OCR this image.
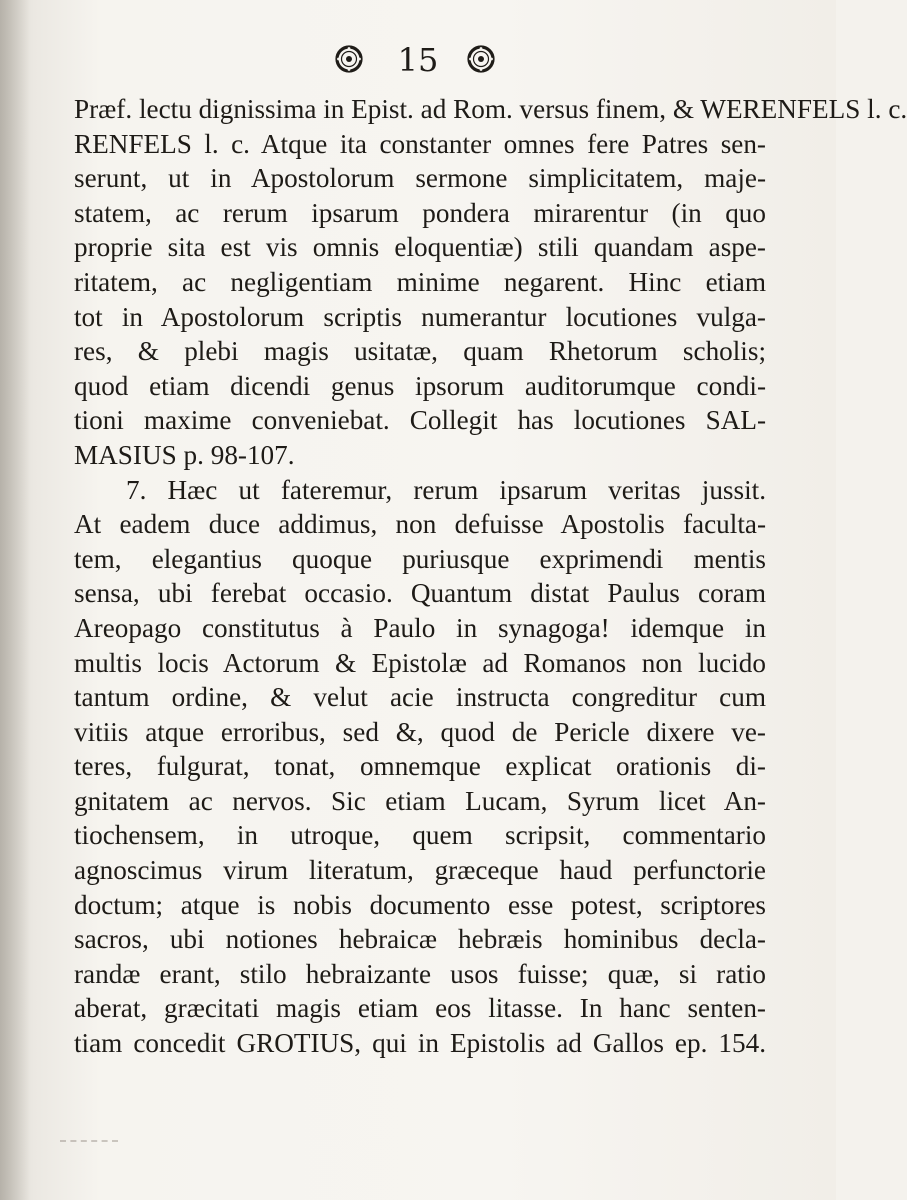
15
Præf. lectu dignissima in Epist. ad Rom. versus finem, & WERENFELS l. c.
RENFELS l. c. Atque ita constanter omnes fere Patres sen-
serunt, ut in Apostolorum sermone simplicitatem, maje-
statem, ac rerum ipsarum pondera mirarentur (in quo
proprie sita est vis omnis eloquentiæ) stili quandam aspe-
ritatem, ac negligentiam minime negarent. Hinc etiam
tot in Apostolorum scriptis numerantur locutiones vulga-
res, & plebi magis usitatæ, quam Rhetorum scholis;
quod etiam dicendi genus ipsorum auditorumque condi-
tioni maxime conveniebat. Collegit has locutiones SAL-
MASIUS p. 98-107.
7. Hæc ut fateremur, rerum ipsarum veritas jussit.
At eadem duce addimus, non defuisse Apostolis faculta-
tem, elegantius quoque puriusque exprimendi mentis
sensa, ubi ferebat occasio. Quantum distat Paulus coram
Areopago constitutus à Paulo in synagoga! idemque in
multis locis Actorum & Epistolæ ad Romanos non lucido
tantum ordine, & velut acie instructa congreditur cum
vitiis atque erroribus, sed &, quod de Pericle dixere ve-
teres, fulgurat, tonat, omnemque explicat orationis di-
gnitatem ac nervos. Sic etiam Lucam, Syrum licet An-
tiochensem, in utroque, quem scripsit, commentario
agnoscimus virum literatum, græceque haud perfunctorie
doctum; atque is nobis documento esse potest, scriptores
sacros, ubi notiones hebraicæ hebræis hominibus decla-
randæ erant, stilo hebraizante usos fuisse; quæ, si ratio
aberat, græcitati magis etiam eos litasse. In hanc senten-
tiam concedit GROTIUS, qui in Epistolis ad Gallos ep. 154.
